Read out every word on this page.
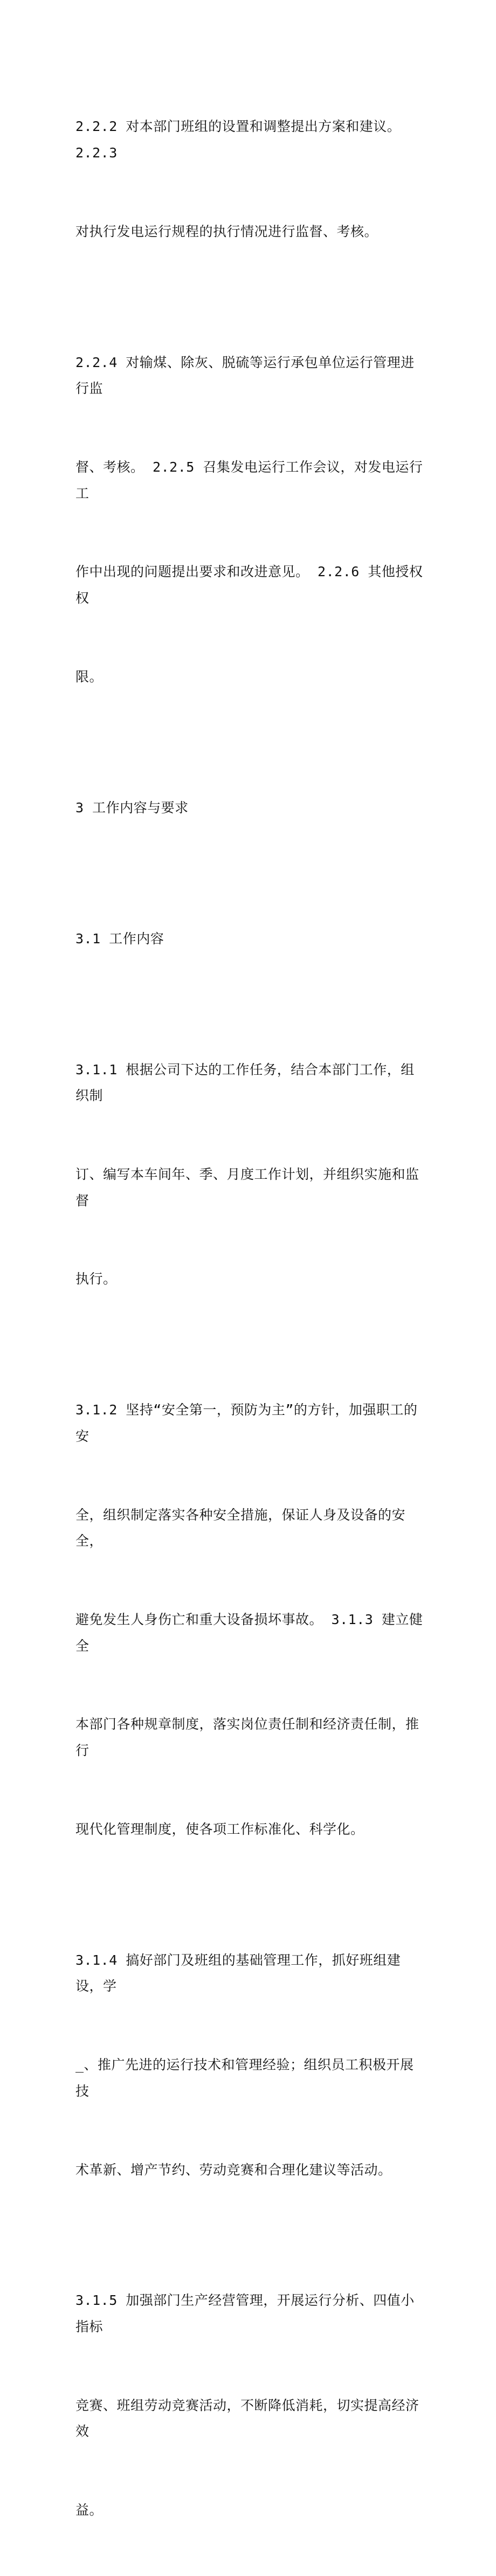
2.2.2 对本部门班组的设置和调整提出方案和建议。 2.2.3

对执行发电运行规程的执行情况进行监督、考核。

2.2.4 对输煤、除灰、脱硫等运行承包单位运行管理进行监

督、考核。 2.2.5 召集发电运行工作会议，对发电运行工

作中出现的问题提出要求和改进意见。 2.2.6 其他授权权

限。

3 工作内容与要求

3.1 工作内容

3.1.1 根据公司下达的工作任务，结合本部门工作，组织制

订、编写本车间年、季、月度工作计划，并组织实施和监督

执行。

3.1.2 坚持“安全第一，预防为主”的方针，加强职工的安

全，组织制定落实各种安全措施，保证人身及设备的安全，

避免发生人身伤亡和重大设备损坏事故。 3.1.3 建立健全

本部门各种规章制度，落实岗位责任制和经济责任制，推行

现代化管理制度，使各项工作标准化、科学化。

3.1.4 搞好部门及班组的基础管理工作，抓好班组建设，学

_、推广先进的运行技术和管理经验；组织员工积极开展技

术革新、增产节约、劳动竞赛和合理化建议等活动。

3.1.5 加强部门生产经营管理，开展运行分析、四值小指标

竞赛、班组劳动竞赛活动，不断降低消耗，切实提高经济效

益。
